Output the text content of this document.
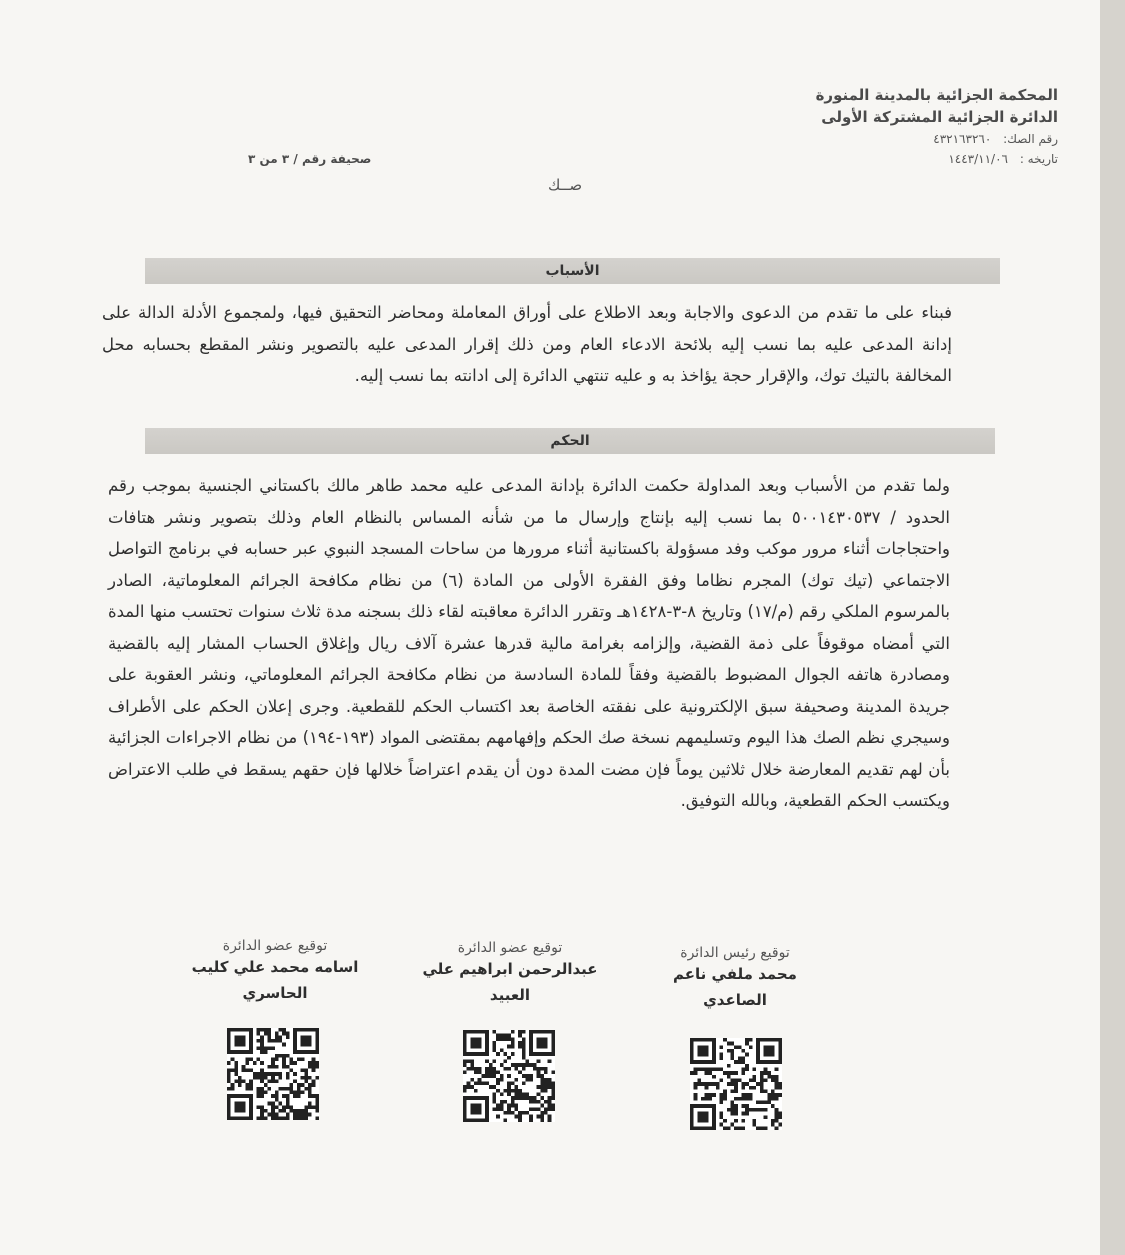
المحكمة الجزائية بالمدينة المنورة
الدائرة الجزائية المشتركة الأولى
رقم الصك: ٤٣٢١٦٣٢٦٠
تاريخه : ١٤٤٣/١١/٠٦
صحيفة رقم / ٣ من ٣
صــك
الأسباب
فبناء على ما تقدم من الدعوى والاجابة وبعد الاطلاع على أوراق المعاملة ومحاضر التحقيق فيها، ولمجموع الأدلة الدالة على إدانة المدعى عليه بما نسب إليه بلائحة الادعاء العام ومن ذلك إقرار المدعى عليه بالتصوير ونشر المقطع بحسابه محل المخالفة بالتيك توك، والإقرار حجة يؤاخذ به و عليه تنتهي الدائرة إلى ادانته بما نسب إليه.
الحكم
ولما تقدم من الأسباب وبعد المداولة حكمت الدائرة بإدانة المدعى عليه محمد طاهر مالك باكستاني الجنسية بموجب رقم الحدود / ٥٠٠١٤٣٠٥٣٧ بما نسب إليه بإنتاج وإرسال ما من شأنه المساس بالنظام العام وذلك بتصوير ونشر هتافات واحتجاجات أثناء مرور موكب وفد مسؤولة باكستانية أثناء مرورها من ساحات المسجد النبوي عبر حسابه في برنامج التواصل الاجتماعي (تيك توك) المجرم نظاما وفق الفقرة الأولى من المادة (٦) من نظام مكافحة الجرائم المعلوماتية، الصادر بالمرسوم الملكي رقم (م/١٧) وتاريخ ٨-٣-١٤٢٨هـ وتقرر الدائرة معاقبته لقاء ذلك بسجنه مدة ثلاث سنوات تحتسب منها المدة التي أمضاه موقوفاً على ذمة القضية، وإلزامه بغرامة مالية قدرها عشرة آلاف ريال وإغلاق الحساب المشار إليه بالقضية ومصادرة هاتفه الجوال المضبوط بالقضية وفقاً للمادة السادسة من نظام مكافحة الجرائم المعلوماتي، ونشر العقوبة على جريدة المدينة وصحيفة سبق الإلكترونية على نفقته الخاصة بعد اكتساب الحكم للقطعية. وجرى إعلان الحكم على الأطراف وسيجري نظم الصك هذا اليوم وتسليمهم نسخة صك الحكم وإفهامهم بمقتضى المواد (١٩٣-١٩٤) من نظام الاجراءات الجزائية بأن لهم تقديم المعارضة خلال ثلاثين يوماً فإن مضت المدة دون أن يقدم اعتراضاً خلالها فإن حقهم يسقط في طلب الاعتراض ويكتسب الحكم القطعية، وبالله التوفيق.
توقيع رئيس الدائرة
محمد ملفي ناعم
الصاعدي
توقيع عضو الدائرة
عبدالرحمن ابراهيم علي
العبيد
توقيع عضو الدائرة
اسامه محمد علي كليب
الحاسري
